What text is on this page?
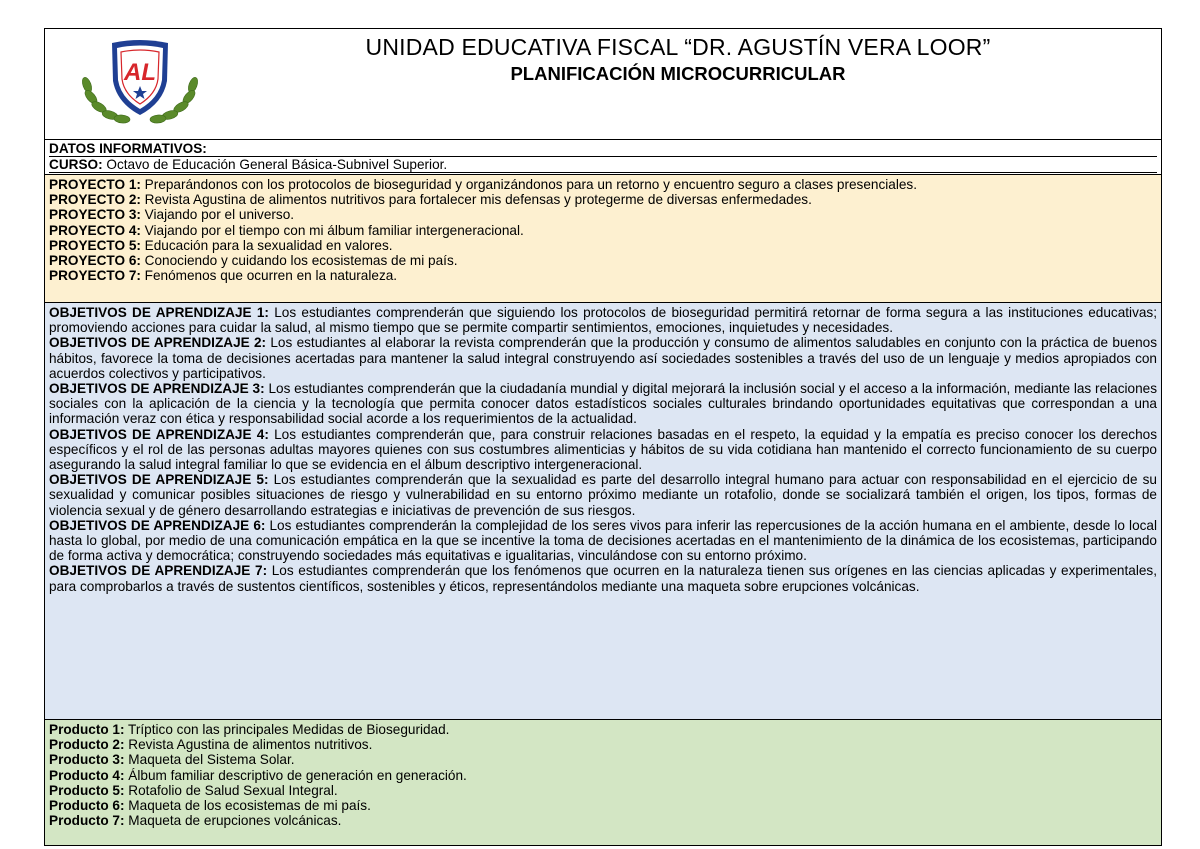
AL
UNIDAD EDUCATIVA FISCAL “DR. AGUSTÍN VERA LOOR”
PLANIFICACIÓN MICROCURRICULAR
DATOS INFORMATIVOS:
CURSO: Octavo de Educación General Básica-Subnivel Superior.
PROYECTO 1: Preparándonos con los protocolos de bioseguridad y organizándonos para un retorno y encuentro seguro a clases presenciales.
PROYECTO 2: Revista Agustina de alimentos nutritivos para fortalecer mis defensas y protegerme de diversas enfermedades.
PROYECTO 3: Viajando por el universo.
PROYECTO 4: Viajando por el tiempo con mi álbum familiar intergeneracional.
PROYECTO 5: Educación para la sexualidad en valores.
PROYECTO 6: Conociendo y cuidando los ecosistemas de mi país.
PROYECTO 7: Fenómenos que ocurren en la naturaleza.

OBJETIVOS DE APRENDIZAJE 1: Los estudiantes comprenderán que siguiendo los protocolos de bioseguridad permitirá retornar de forma segura a las instituciones educativas; promoviendo acciones para cuidar la salud, al mismo tiempo que se permite compartir sentimientos, emociones, inquietudes y necesidades.

OBJETIVOS DE APRENDIZAJE 2: Los estudiantes al elaborar la revista comprenderán que la producción y consumo de alimentos saludables en conjunto con la práctica de buenos hábitos, favorece la toma de decisiones acertadas para mantener la salud integral construyendo así sociedades sostenibles a través del uso de un lenguaje y medios apropiados con acuerdos colectivos y participativos.

OBJETIVOS DE APRENDIZAJE 3: Los estudiantes comprenderán que la ciudadanía mundial y digital mejorará la inclusión social y el acceso a la información, mediante las relaciones sociales con la aplicación de la ciencia y la tecnología que permita conocer datos estadísticos sociales culturales brindando oportunidades equitativas que correspondan a una información veraz con ética y responsabilidad social acorde a los requerimientos de la actualidad.

OBJETIVOS DE APRENDIZAJE 4: Los estudiantes comprenderán que, para construir relaciones basadas en el respeto, la equidad y la empatía es preciso conocer los derechos específicos y el rol de las personas adultas mayores quienes con sus costumbres alimenticias y hábitos de su vida cotidiana han mantenido el correcto funcionamiento de su cuerpo asegurando la salud integral familiar lo que se evidencia en el álbum descriptivo intergeneracional.

OBJETIVOS DE APRENDIZAJE 5: Los estudiantes comprenderán que la sexualidad es parte del desarrollo integral humano para actuar con responsabilidad en el ejercicio de su sexualidad y comunicar posibles situaciones de riesgo y vulnerabilidad en su entorno próximo mediante un rotafolio, donde se socializará también el origen, los tipos, formas de violencia sexual y de género desarrollando estrategias e iniciativas de prevención de sus riesgos.

OBJETIVOS DE APRENDIZAJE 6: Los estudiantes comprenderán la complejidad de los seres vivos para inferir las repercusiones de la acción humana en el ambiente, desde lo local hasta lo global, por medio de una comunicación empática en la que se incentive la toma de decisiones acertadas en el mantenimiento de la dinámica de los ecosistemas, participando de forma activa y democrática; construyendo sociedades más equitativas e igualitarias, vinculándose con su entorno próximo.

OBJETIVOS DE APRENDIZAJE 7: Los estudiantes comprenderán que los fenómenos que ocurren en la naturaleza tienen sus orígenes en las ciencias aplicadas y experimentales, para comprobarlos a través de sustentos científicos, sostenibles y éticos, representándolos mediante una maqueta sobre erupciones volcánicas.

Producto 1: Tríptico con las principales Medidas de Bioseguridad.
Producto 2: Revista Agustina de alimentos nutritivos.
Producto 3: Maqueta del Sistema Solar.
Producto 4: Álbum familiar descriptivo de generación en generación.
Producto 5: Rotafolio de Salud Sexual Integral.
Producto 6: Maqueta de los ecosistemas de mi país.
Producto 7: Maqueta de erupciones volcánicas.
